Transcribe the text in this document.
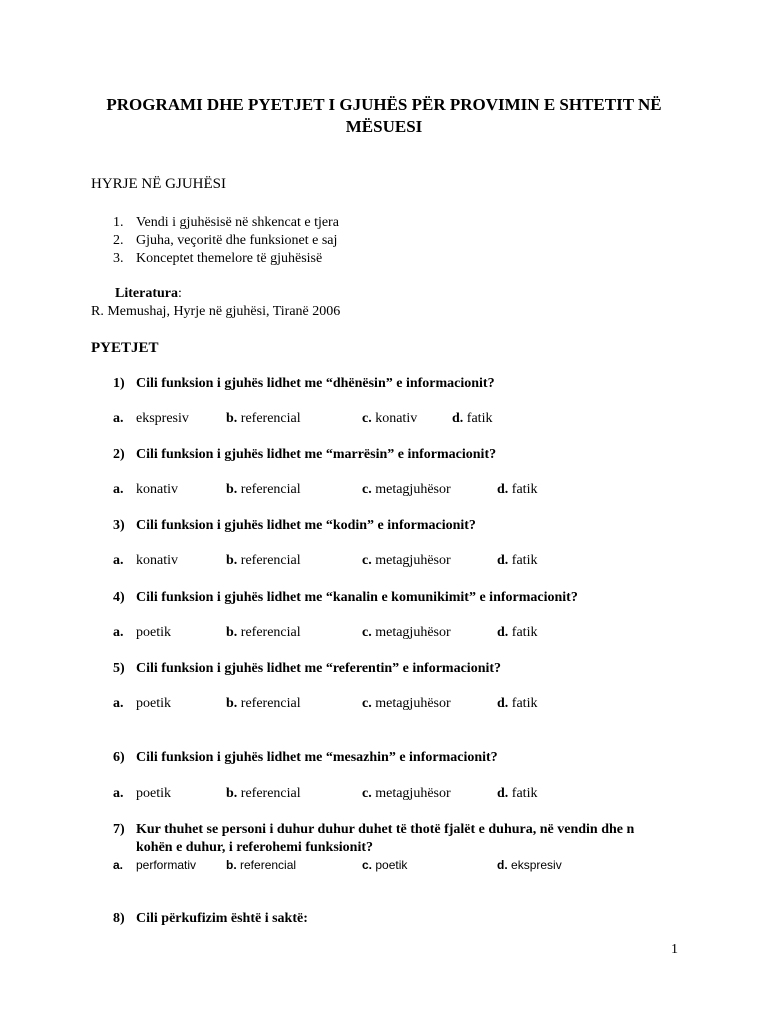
PROGRAMI DHE PYETJET I GJUHËS PËR PROVIMIN E SHTETIT NË
MËSUESI
HYRJE NË GJUHËSI
1. Vendi i gjuhësisë në shkencat e tjera
2. Gjuha, veçoritë dhe funksionet e saj
3. Konceptet themelore të gjuhësisë
Literatura:
R. Memushaj, Hyrje në gjuhësi, Tiranë 2006
PYETJET
1) Cili funksion i gjuhës lidhet me “dhënësin” e informacionit?
a. ekspresiv	b. referencial	c. konativ d. fatik
2) Cili funksion i gjuhës lidhet me “marrësin” e informacionit?
a. konativ	b. referencial	c. metagjuhësor	d. fatik
3) Cili funksion i gjuhës lidhet me “kodin” e informacionit?
a. konativ	b. referencial	c. metagjuhësor	d. fatik
4) Cili funksion i gjuhës lidhet me “kanalin e komunikimit” e informacionit?
a. poetik	b. referencial	c. metagjuhësor	d. fatik
5) Cili funksion i gjuhës lidhet me “referentin” e informacionit?
a. poetik	b. referencial	c. metagjuhësor	d. fatik
6) Cili funksion i gjuhës lidhet me “mesazhin” e informacionit?
a. poetik	b. referencial	c. metagjuhësor	d. fatik
7) Kur thuhet se personi i duhur duhur duhet të thotë fjalët e duhura, në vendin dhe n
kohën e duhur, i referohemi funksionit?
a. performativ b. referencial	c. poetik	d. ekspresiv
8) Cili përkufizim është i saktë:
1
